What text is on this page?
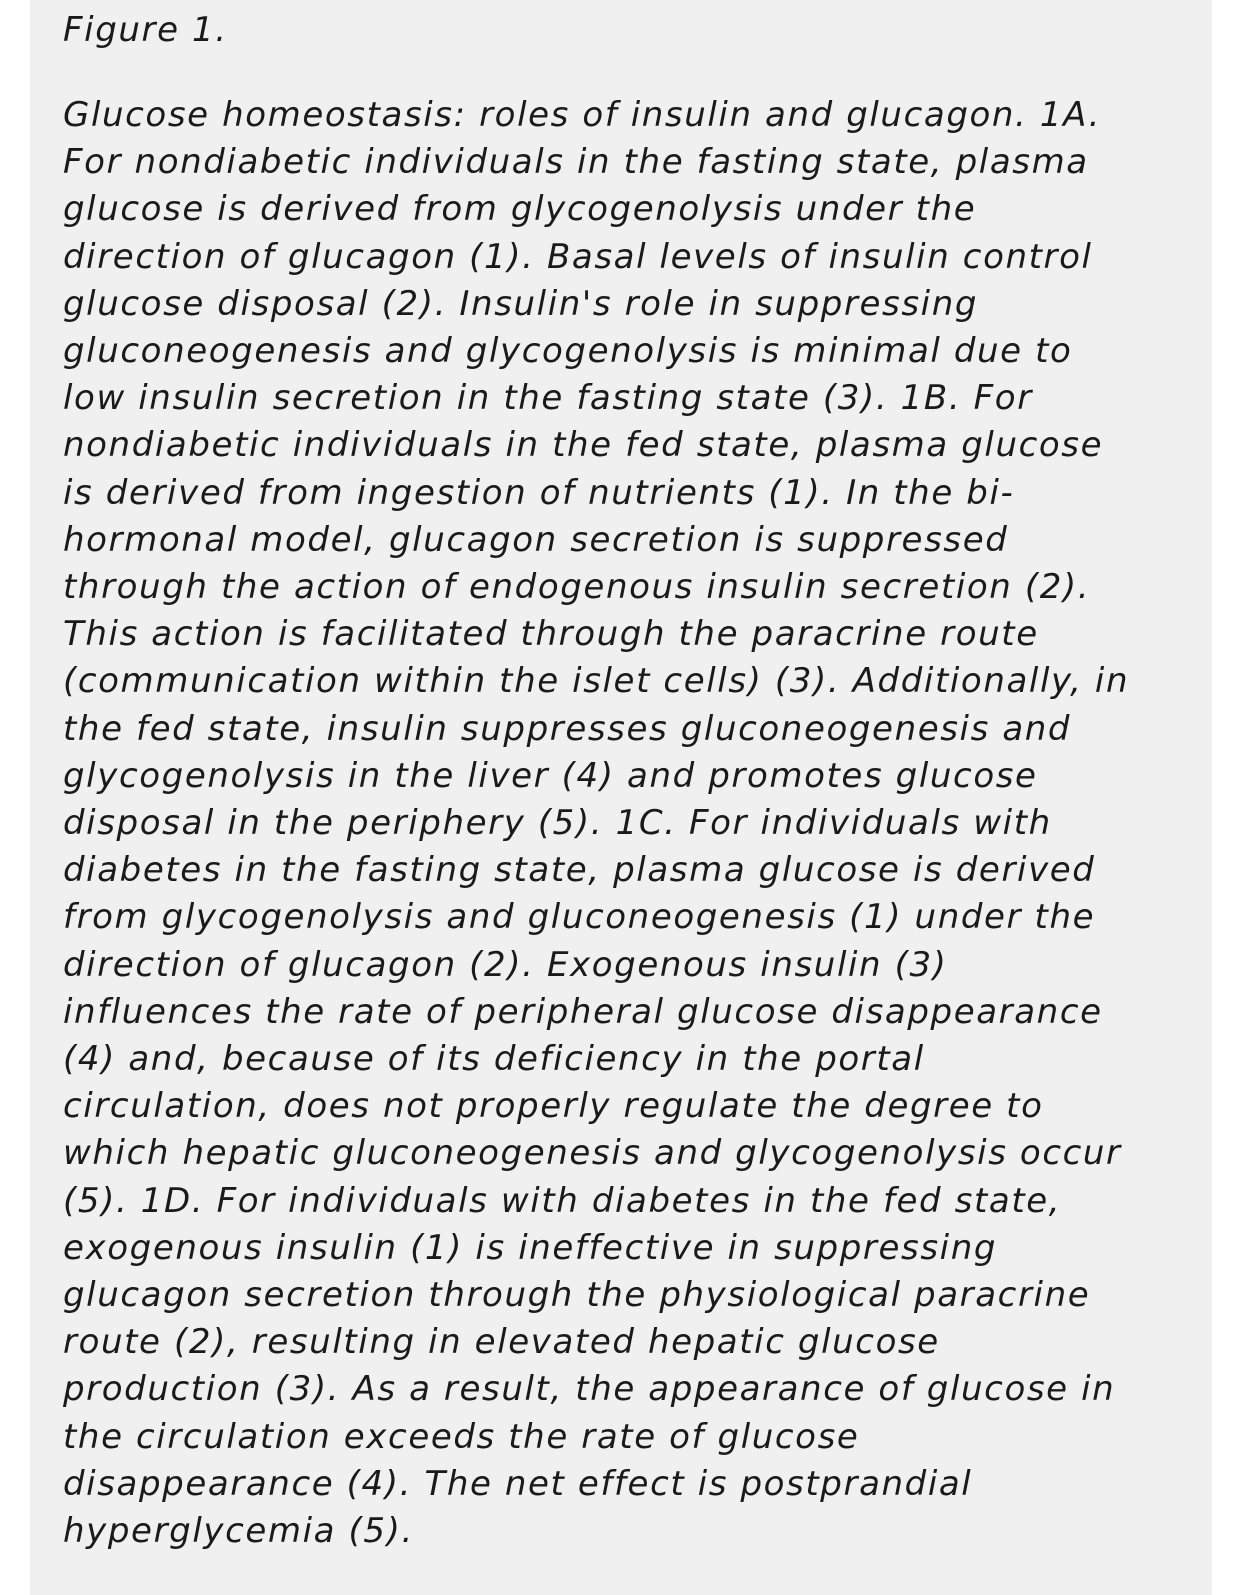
Figure 1.

Glucose homeostasis: roles of insulin and glucagon. 1A.
For nondiabetic individuals in the fasting state, plasma
glucose is derived from glycogenolysis under the
direction of glucagon (1). Basal levels of insulin control
glucose disposal (2). Insulin's role in suppressing
gluconeogenesis and glycogenolysis is minimal due to
low insulin secretion in the fasting state (3). 1B. For
nondiabetic individuals in the fed state, plasma glucose
is derived from ingestion of nutrients (1). In the bi-
hormonal model, glucagon secretion is suppressed
through the action of endogenous insulin secretion (2).
This action is facilitated through the paracrine route
(communication within the islet cells) (3). Additionally, in
the fed state, insulin suppresses gluconeogenesis and
glycogenolysis in the liver (4) and promotes glucose
disposal in the periphery (5). 1C. For individuals with
diabetes in the fasting state, plasma glucose is derived
from glycogenolysis and gluconeogenesis (1) under the
direction of glucagon (2). Exogenous insulin (3)
influences the rate of peripheral glucose disappearance
(4) and, because of its deficiency in the portal
circulation, does not properly regulate the degree to
which hepatic gluconeogenesis and glycogenolysis occur
(5). 1D. For individuals with diabetes in the fed state,
exogenous insulin (1) is ineffective in suppressing
glucagon secretion through the physiological paracrine
route (2), resulting in elevated hepatic glucose
production (3). As a result, the appearance of glucose in
the circulation exceeds the rate of glucose
disappearance (4). The net effect is postprandial
hyperglycemia (5).
